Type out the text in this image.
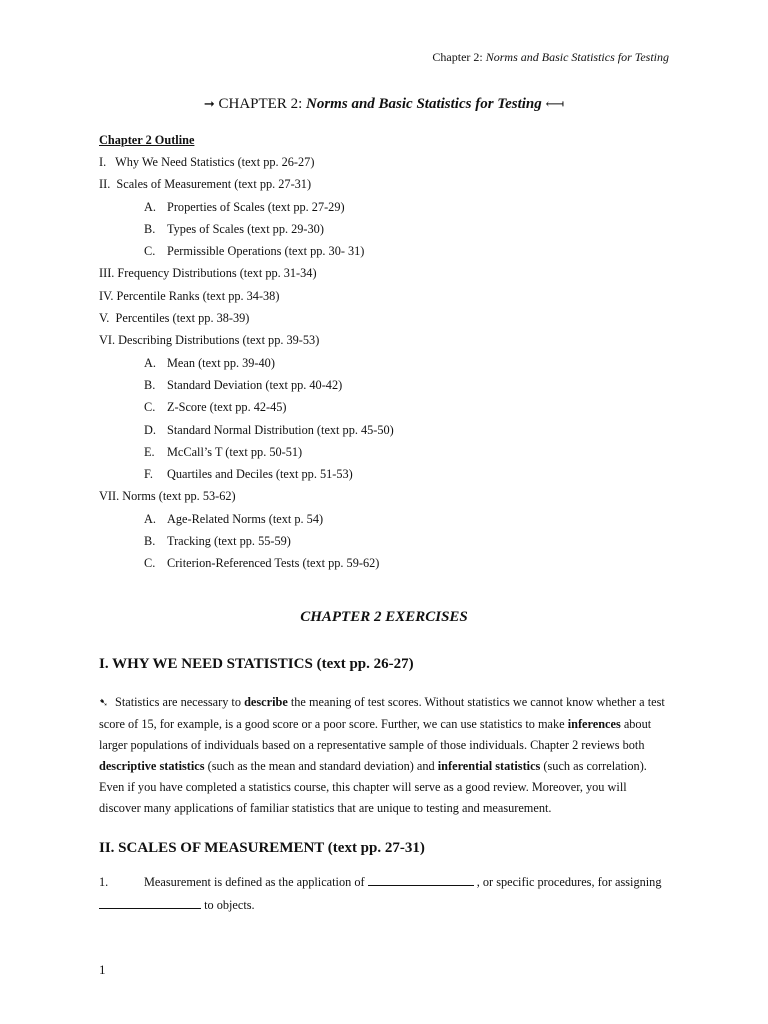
Chapter 2: Norms and Basic Statistics for Testing
➞ CHAPTER 2: Norms and Basic Statistics for Testing ⟻
Chapter 2 Outline
I.   Why We Need Statistics (text pp. 26-27)
II.  Scales of Measurement (text pp. 27-31)
A. Properties of Scales (text pp. 27-29)
B. Types of Scales (text pp. 29-30)
C. Permissible Operations (text pp. 30- 31)
III. Frequency Distributions (text pp. 31-34)
IV. Percentile Ranks (text pp. 34-38)
V.  Percentiles (text pp. 38-39)
VI. Describing Distributions (text pp. 39-53)
A. Mean (text pp. 39-40)
B. Standard Deviation (text pp. 40-42)
C. Z-Score (text pp. 42-45)
D. Standard Normal Distribution (text pp. 45-50)
E. McCall’s T (text pp. 50-51)
F. Quartiles and Deciles (text pp. 51-53)
VII. Norms (text pp. 53-62)
A. Age-Related Norms (text p. 54)
B. Tracking (text pp. 55-59)
C. Criterion-Referenced Tests (text pp. 59-62)
CHAPTER 2 EXERCISES
I. WHY WE NEED STATISTICS (text pp. 26-27)
➷ Statistics are necessary to describe the meaning of test scores. Without statistics we cannot know whether a test score of 15, for example, is a good score or a poor score. Further, we can use statistics to make inferences about larger populations of individuals based on a representative sample of those individuals. Chapter 2 reviews both descriptive statistics (such as the mean and standard deviation) and inferential statistics (such as correlation). Even if you have completed a statistics course, this chapter will serve as a good review. Moreover, you will discover many applications of familiar statistics that are unique to testing and measurement.
II. SCALES OF MEASUREMENT (text pp. 27-31)
1.	Measurement is defined as the application of	, or specific procedures, for assigning  to objects.
1
